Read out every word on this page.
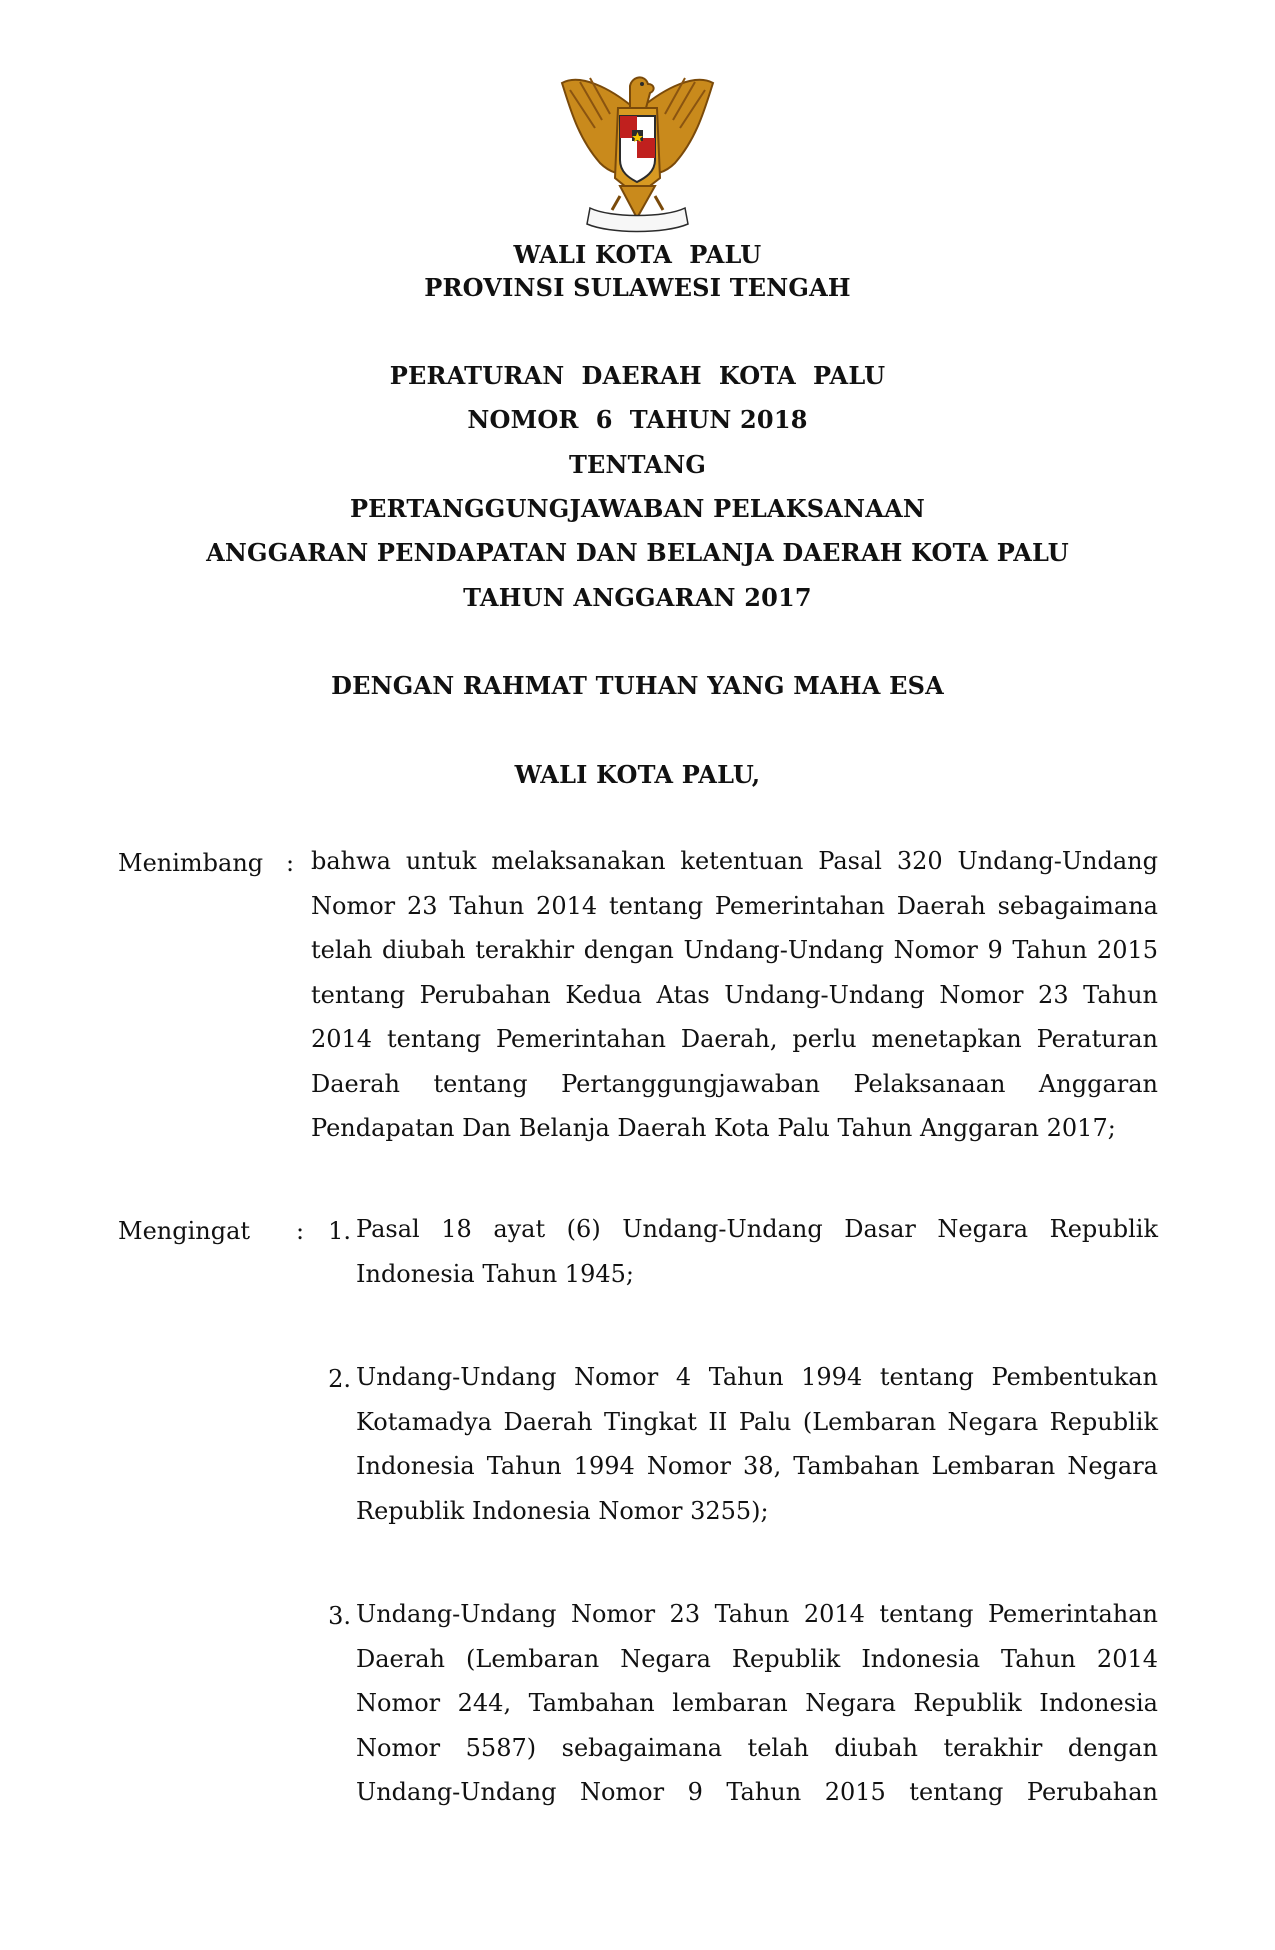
WALI KOTA  PALU
PROVINSI SULAWESI TENGAH
PERATURAN  DAERAH  KOTA  PALU
NOMOR  6  TAHUN 2018
TENTANG
PERTANGGUNGJAWABAN PELAKSANAAN
ANGGARAN PENDAPATAN DAN BELANJA DAERAH KOTA PALU
TAHUN ANGGARAN 2017
DENGAN RAHMAT TUHAN YANG MAHA ESA
WALI KOTA PALU,
Menimbang : bahwa untuk melaksanakan ketentuan Pasal 320 Undang-Undang
Nomor 23 Tahun 2014 tentang Pemerintahan Daerah sebagaimana
telah diubah terakhir dengan Undang-Undang Nomor 9 Tahun 2015
tentang Perubahan Kedua Atas Undang-Undang Nomor 23 Tahun
2014 tentang Pemerintahan Daerah, perlu menetapkan Peraturan
Daerah tentang Pertanggungjawaban Pelaksanaan Anggaran
Pendapatan Dan Belanja Daerah Kota Palu Tahun Anggaran 2017;
Mengingat :	1. Pasal 18 ayat (6) Undang-Undang Dasar Negara Republik
Indonesia Tahun 1945;
2. Undang-Undang Nomor 4 Tahun 1994 tentang Pembentukan
Kotamadya Daerah Tingkat II Palu (Lembaran Negara Republik
Indonesia Tahun 1994 Nomor 38, Tambahan Lembaran Negara
Republik Indonesia Nomor 3255);
3. Undang-Undang Nomor 23 Tahun 2014 tentang Pemerintahan
Daerah (Lembaran Negara Republik Indonesia Tahun 2014
Nomor 244, Tambahan lembaran Negara Republik Indonesia
Nomor 5587) sebagaimana telah diubah terakhir dengan
Undang-Undang Nomor 9 Tahun 2015 tentang Perubahan
